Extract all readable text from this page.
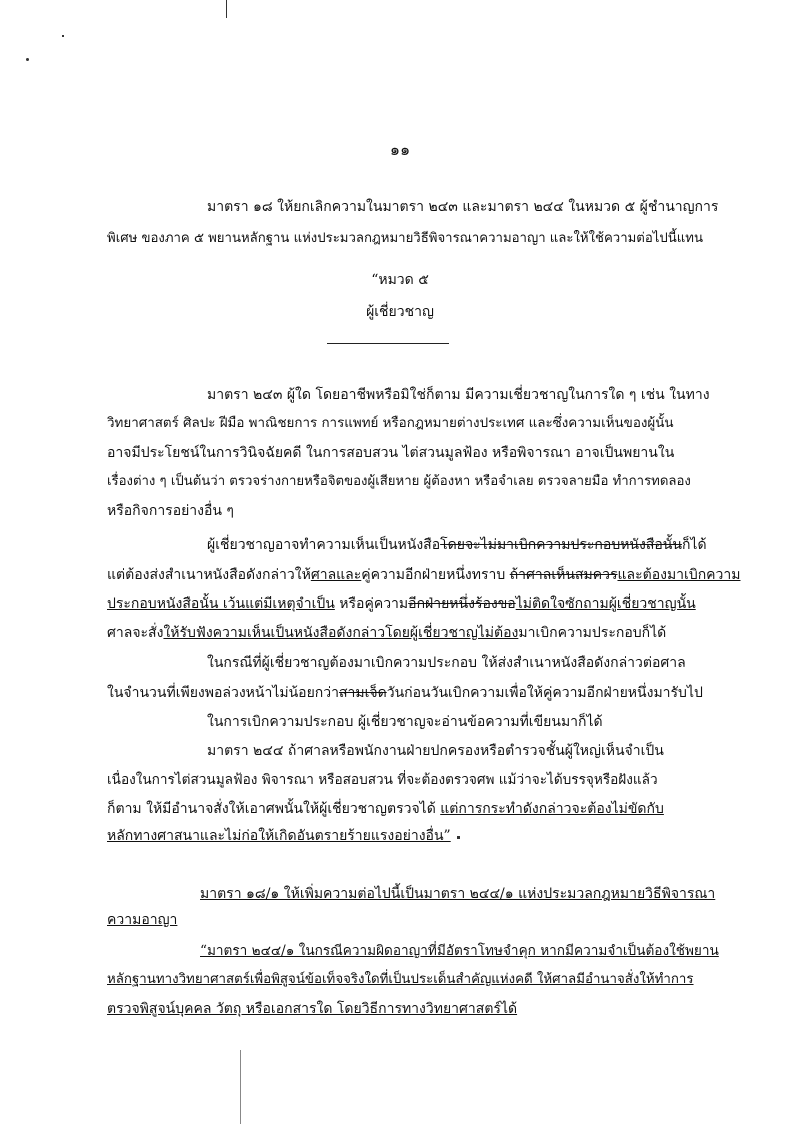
๑๑
มาตรา ๑๘ ให้ยกเลิกความในมาตรา ๒๔๓ และมาตรา ๒๔๔ ในหมวด ๕ ผู้ชำนาญการ
พิเศษ ของภาค ๕ พยานหลักฐาน แห่งประมวลกฎหมายวิธีพิจารณาความอาญา และให้ใช้ความต่อไปนี้แทน
“หมวด ๕
ผู้เชี่ยวชาญ
มาตรา ๒๔๓ ผู้ใด โดยอาชีพหรือมิใช่ก็ตาม มีความเชี่ยวชาญในการใด ๆ เช่น ในทาง
วิทยาศาสตร์ ศิลปะ ฝีมือ พาณิชยการ การแพทย์ หรือกฎหมายต่างประเทศ และซึ่งความเห็นของผู้นั้น
อาจมีประโยชน์ในการวินิจฉัยคดี ในการสอบสวน ไต่สวนมูลฟ้อง หรือพิจารณา อาจเป็นพยานใน
เรื่องต่าง ๆ เป็นต้นว่า ตรวจร่างกายหรือจิตของผู้เสียหาย ผู้ต้องหา หรือจำเลย ตรวจลายมือ ทำการทดลอง
หรือกิจการอย่างอื่น ๆ
ผู้เชี่ยวชาญอาจทำความเห็นเป็นหนังสือโดยจะไม่มาเบิกความประกอบหนังสือนั้นก็ได้
แต่ต้องส่งสำเนาหนังสือดังกล่าวให้ศาลและคู่ความอีกฝ่ายหนึ่งทราบ ถ้าศาลเห็นสมควรและต้องมาเบิกความ
ประกอบหนังสือนั้น เว้นแต่มีเหตุจำเป็น หรือคู่ความอีกฝ่ายหนึ่งร้องขอไม่ติดใจซักถามผู้เชี่ยวชาญนั้น
ศาลจะสั่งให้รับฟังความเห็นเป็นหนังสือดังกล่าวโดยผู้เชี่ยวชาญไม่ต้องมาเบิกความประกอบก็ได้
ในกรณีที่ผู้เชี่ยวชาญต้องมาเบิกความประกอบ ให้ส่งสำเนาหนังสือดังกล่าวต่อศาล
ในจำนวนที่เพียงพอล่วงหน้าไม่น้อยกว่าสามเจ็ดวันก่อนวันเบิกความเพื่อให้คู่ความอีกฝ่ายหนึ่งมารับไป
ในการเบิกความประกอบ ผู้เชี่ยวชาญจะอ่านข้อความที่เขียนมาก็ได้
มาตรา ๒๔๔ ถ้าศาลหรือพนักงานฝ่ายปกครองหรือตำรวจชั้นผู้ใหญ่เห็นจำเป็น
เนื่องในการไต่สวนมูลฟ้อง พิจารณา หรือสอบสวน ที่จะต้องตรวจศพ แม้ว่าจะได้บรรจุหรือฝังแล้ว
ก็ตาม ให้มีอำนาจสั่งให้เอาศพนั้นให้ผู้เชี่ยวชาญตรวจได้ แต่การกระทำดังกล่าวจะต้องไม่ขัดกับ
หลักทางศาสนาและไม่ก่อให้เกิดอันตรายร้ายแรงอย่างอื่น”
มาตรา ๑๘/๑ ให้เพิ่มความต่อไปนี้เป็นมาตรา ๒๔๔/๑ แห่งประมวลกฎหมายวิธีพิจารณา
ความอาญา
“มาตรา ๒๔๔/๑ ในกรณีความผิดอาญาที่มีอัตราโทษจำคุก หากมีความจำเป็นต้องใช้พยาน
หลักฐานทางวิทยาศาสตร์เพื่อพิสูจน์ข้อเท็จจริงใดที่เป็นประเด็นสำคัญแห่งคดี ให้ศาลมีอำนาจสั่งให้ทำการ
ตรวจพิสูจน์บุคคล วัตถุ หรือเอกสารใด โดยวิธีการทางวิทยาศาสตร์ได้
